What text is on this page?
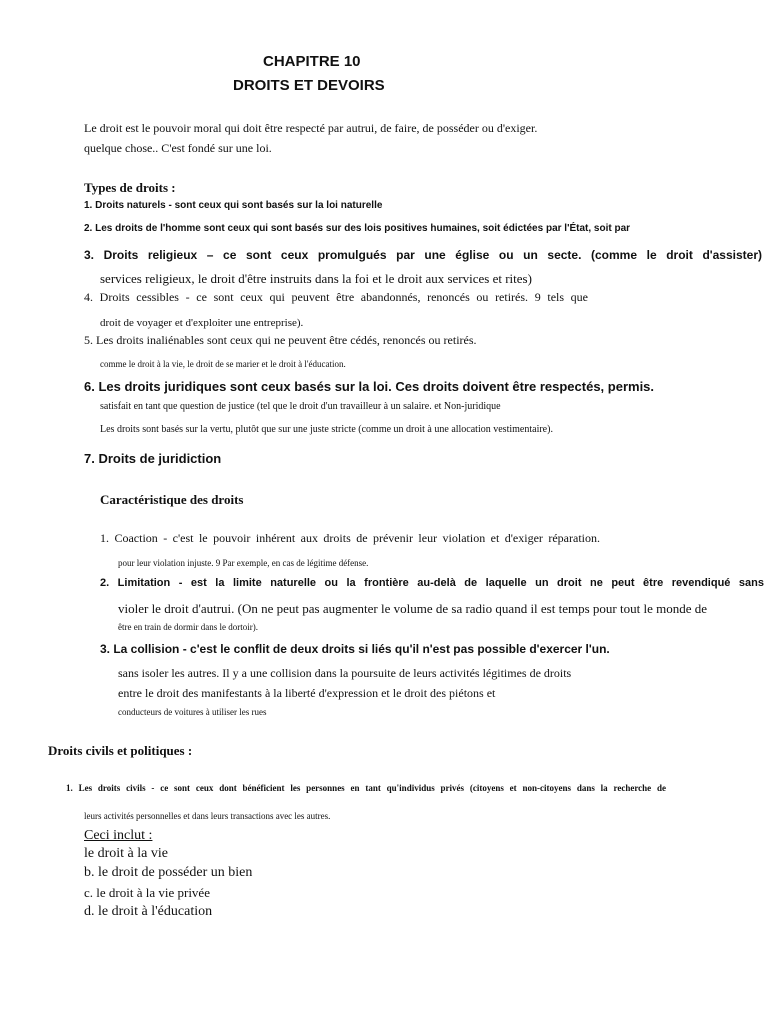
CHAPITRE 10
DROITS ET DEVOIRS
Le droit est le pouvoir moral qui doit être respecté par autrui, de faire, de posséder ou d'exiger.
quelque chose.. C'est fondé sur une loi.
Types de droits :
1. Droits naturels - sont ceux qui sont basés sur la loi naturelle
2. Les droits de l'homme sont ceux qui sont basés sur des lois positives humaines, soit édictées par l'État, soit par
3. Droits religieux – ce sont ceux promulgués par une église ou un secte. (comme le droit d'assister)
services religieux, le droit d'être instruits dans la foi et le droit aux services et rites)
4. Droits cessibles - ce sont ceux qui peuvent être abandonnés, renoncés ou retirés. 9 tels que
droit de voyager et d'exploiter une entreprise).
5. Les droits inaliénables sont ceux qui ne peuvent être cédés, renoncés ou retirés.
comme le droit à la vie, le droit de se marier et le droit à l'éducation.
6. Les droits juridiques sont ceux basés sur la loi. Ces droits doivent être respectés, permis.
satisfait en tant que question de justice (tel que le droit d'un travailleur à un salaire. et Non-juridique
Les droits sont basés sur la vertu, plutôt que sur une juste stricte (comme un droit à une allocation vestimentaire).
7. Droits de juridiction
Caractéristique des droits
1. Coaction - c'est le pouvoir inhérent aux droits de prévenir leur violation et d'exiger réparation.
pour leur violation injuste. 9 Par exemple, en cas de légitime défense.
2. Limitation - est la limite naturelle ou la frontière au-delà de laquelle un droit ne peut être revendiqué sans
violer le droit d'autrui. (On ne peut pas augmenter le volume de sa radio quand il est temps pour tout le monde de
être en train de dormir dans le dortoir).
3. La collision - c'est le conflit de deux droits si liés qu'il n'est pas possible d'exercer l'un.
sans isoler les autres. Il y a une collision dans la poursuite de leurs activités légitimes de droits
entre le droit des manifestants à la liberté d'expression et le droit des piétons et
conducteurs de voitures à utiliser les rues
Droits civils et politiques :
1. Les droits civils - ce sont ceux dont bénéficient les personnes en tant qu'individus privés (citoyens et non-citoyens dans la recherche de
leurs activités personnelles et dans leurs transactions avec les autres.
Ceci inclut :
le droit à la vie
b. le droit de posséder un bien
c. le droit à la vie privée
d. le droit à l'éducation
